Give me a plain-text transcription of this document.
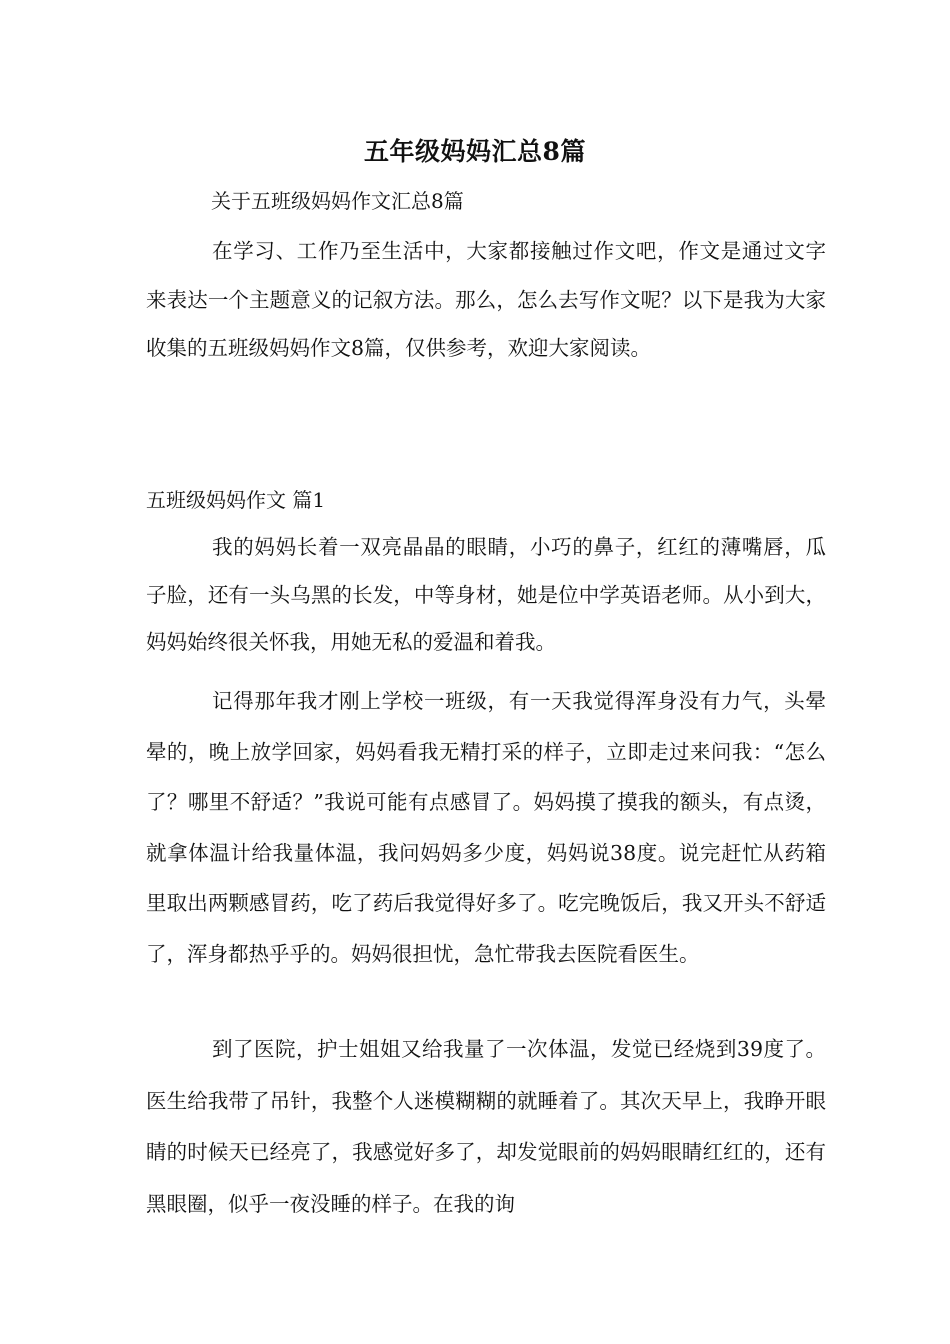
五年级妈妈汇总8篇
关于五班级妈妈作文汇总8篇

在学习、工作乃至生活中，大家都接触过作文吧，作文是通过文字来表达一个主题意义的记叙方法。那么，怎么去写作文呢？以下是我为大家收集的五班级妈妈作文8篇，仅供参考，欢迎大家阅读。

五班级妈妈作文 篇1

我的妈妈长着一双亮晶晶的眼睛，小巧的鼻子，红红的薄嘴唇，瓜子脸，还有一头乌黑的长发，中等身材，她是位中学英语老师。从小到大，妈妈始终很关怀我，用她无私的爱温和着我。

记得那年我才刚上学校一班级，有一天我觉得浑身没有力气，头晕晕的，晚上放学回家，妈妈看我无精打采的样子，立即走过来问我：“怎么了？哪里不舒适？”我说可能有点感冒了。妈妈摸了摸我的额头，有点烫，就拿体温计给我量体温，我问妈妈多少度，妈妈说38度。说完赶忙从药箱里取出两颗感冒药，吃了药后我觉得好多了。吃完晚饭后，我又开头不舒适了，浑身都热乎乎的。妈妈很担忧，急忙带我去医院看医生。

到了医院，护士姐姐又给我量了一次体温，发觉已经烧到39度了。医生给我带了吊针，我整个人迷模糊糊的就睡着了。其次天早上，我睁开眼睛的时候天已经亮了，我感觉好多了，却发觉眼前的妈妈眼睛红红的，还有黑眼圈，似乎一夜没睡的样子。在我的询
